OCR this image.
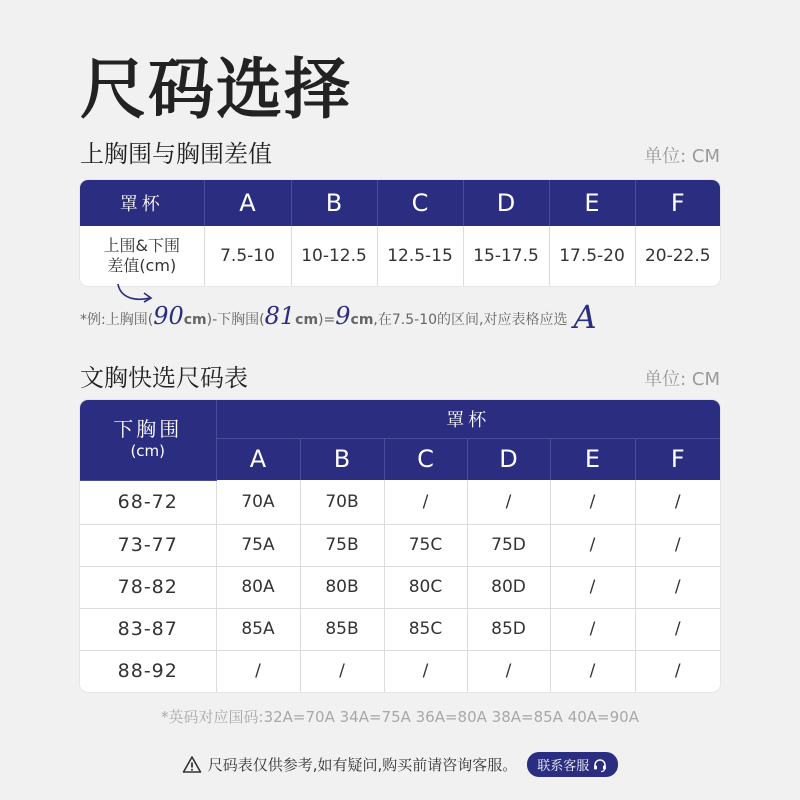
尺码选择
上胸围与胸围差值	单位: CM
罩杯	A	B	C	D	E	F

上围&下围
差值(cm)	7.5-10	10-12.5	12.5-15	15-17.5	17.5-20	20-22.5
*例:上胸围(90cm)-下胸围(81cm)=9cm,在7.5-10的区间,对应表格应选 A
文胸快选尺码表	单位: CM
下胸围
(cm)	罩杯					
	A	B	C	D	E	F
68-72	70A	70B	/	/	/	/
73-77	75A	75B	75C	75D	/	/
78-82	80A	80B	80C	80D	/	/
83-87	85A	85B	85C	85D	/	/
88-92	/	/	/	/	/	/
*英码对应国码:32A=70A 34A=75A 36A=80A 38A=85A 40A=90A
尺码表仅供参考,如有疑问,购买前请咨询客服。 联系客服
